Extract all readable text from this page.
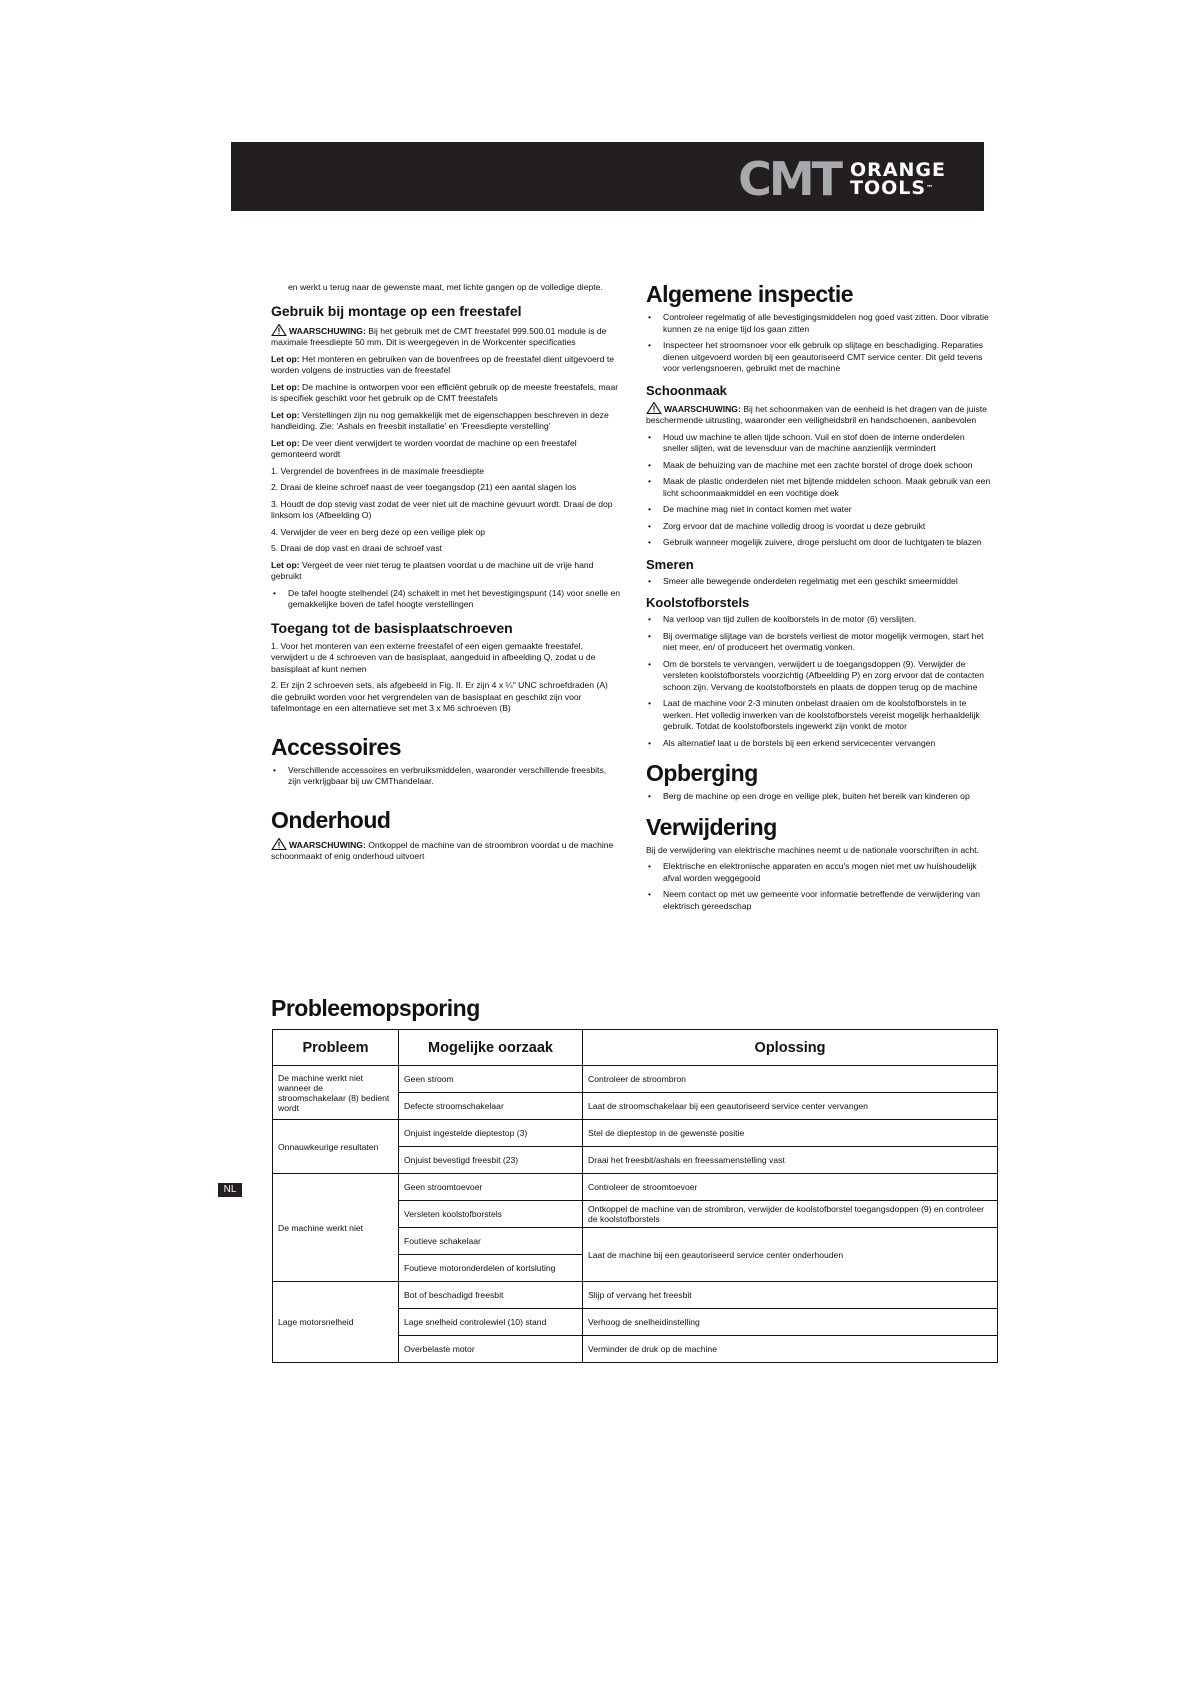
CMT ORANGE
TOOLS™

en werkt u terug naar de gewenste maat, met lichte gangen op de volledige diepte.

Gebruik bij montage op een freestafel

WAARSCHUWING: Bij het gebruik met de CMT freestafel 999.500.01 module is de maximale freesdiepte 50 mm. Dit is weergegeven in de Workcenter specificaties

Let op: Het monteren en gebruiken van de bovenfrees op de freestafel dient uitgevoerd te worden volgens de instructies van de freestafel

Let op: De machine is ontworpen voor een efficiënt gebruik op de meeste freestafels, maar is specifiek geschikt voor het gebruik op de CMT freestafels

Let op: Verstellingen zijn nu nog gemakkelijk met de eigenschappen beschreven in deze handleiding. Zie: 'Ashals en freesbit installatie' en 'Freesdiepte verstelling'

Let op: De veer dient verwijdert te worden voordat de machine op een freestafel gemonteerd wordt

1. Vergrendel de bovenfrees in de maximale freesdiepte

2. Draai de kleine schroef naast de veer toegangsdop (21) een aantal slagen los

3. Houdt de dop stevig vast zodat de veer niet uit de machine gevuurt wordt. Draai de dop linksom los (Afbeelding O)

4. Verwijder de veer en berg deze op een veilige plek op

5. Draai de dop vast en draai de schroef vast

Let op: Vergeet de veer niet terug te plaatsen voordat u de machine uit de vrije hand gebruikt

• De tafel hoogte stelhendel (24) schakelt in met het bevestigingspunt (14) voor snelle en gemakkelijke boven de tafel hoogte verstellingen
Toegang tot de basisplaatschroeven

1. Voor het monteren van een externe freestafel of een eigen gemaakte freestafel, verwijdert u de 4 schroeven van de basisplaat, aangeduid in afbeelding Q, zodat u de basisplaat af kunt nemen

2. Er zijn 2 schroeven sets, als afgebeeld in Fig. II. Er zijn 4 x ¼" UNC schroefdraden (A) die gebruikt worden voor het vergrendelen van de basisplaat en geschikt zijn voor tafelmontage en een alternatieve set met 3 x M6 schroeven (B)

Accessoires
• Verschillende accessoires en verbruiksmiddelen, waaronder verschillende freesbits, zijn verkrijgbaar bij uw CMThandelaar.
Onderhoud

WAARSCHUWING: Ontkoppel de machine van de stroombron voordat u de machine schoonmaakt of enig onderhoud uitvoert

Algemene inspectie
• Controleer regelmatig of alle bevestigingsmiddelen nog goed vast zitten. Door vibratie kunnen ze na enige tijd los gaan zitten
• Inspecteer het stroomsnoer voor elk gebruik op slijtage en beschadiging. Reparaties dienen uitgevoerd worden bij een geautoriseerd CMT service center. Dit geld tevens voor verlengsnoeren, gebruikt met de machine
Schoonmaak

WAARSCHUWING: Bij het schoonmaken van de eenheid is het dragen van de juiste beschermende uitrusting, waaronder een veiligheidsbril en handschoenen, aanbevolen

• Houd uw machine te allen tijde schoon. Vuil en stof doen de interne onderdelen sneller slijten, wat de levensduur van de machine aanzienlijk vermindert
• Maak de behuizing van de machine met een zachte borstel of droge doek schoon
• Maak de plastic onderdelen niet met bijtende middelen schoon. Maak gebruik van een licht schoonmaakmiddel en een vochtige doek
• De machine mag niet in contact komen met water
• Zorg ervoor dat de machine volledig droog is voordat u deze gebruikt
• Gebruik wanneer mogelijk zuivere, droge perslucht om door de luchtgaten te blazen
Smeren
• Smeer alle bewegende onderdelen regelmatig met een geschikt smeermiddel
Koolstofborstels
• Na verloop van tijd zullen de koolborstels in de motor (6) verslijten.
• Bij overmatige slijtage van de borstels verliest de motor mogelijk vermogen, start het niet meer, en/ of produceert het overmatig vonken.
• Om de borstels te vervangen, verwijdert u de toegangsdoppen (9). Verwijder de versleten koolstofborstels voorzichtig (Afbeelding P) en zorg ervoor dat de contacten schoon zijn. Vervang de koolstofborstels en plaats de doppen terug op de machine
• Laat de machine voor 2-3 minuten onbelast draaien om de koolstofborstels in te werken. Het volledig inwerken van de koolstofborstels vereist mogelijk herhaaldelijk gebruik. Totdat de koolstofborstels ingewerkt zijn vonkt de motor
• Als alternatief laat u de borstels bij een erkend servicecenter vervangen
Opberging
• Berg de machine op een droge en veilige plek, buiten het bereik van kinderen op
Verwijdering

Bij de verwijdering van elektrische machines neemt u de nationale voorschriften in acht.

• Elektrische en elektronische apparaten en accu's mogen niet met uw huishoudelijk afval worden weggegooid
• Neem contact op met uw gemeente voor informatie betreffende de verwijdering van elektrisch gereedschap
NL
Probleemopsporing
Probleem	Mogelijke oorzaak	Oplossing
De machine werkt niet wanneer de stroomschakelaar (8) bedient wordt	Geen stroom	Controleer de stroombron
	Defecte stroomschakelaar	Laat de stroomschakelaar bij een geautoriseerd service center vervangen
Onnauwkeurige resultaten	Onjuist ingestelde dieptestop (3)	Stel de dieptestop in de gewenste positie
	Onjuist bevestigd freesbit (23)	Draai het freesbit/ashals en freessamenstelling vast
De machine werkt niet	Geen stroomtoevoer	Controleer de stroomtoevoer
	Versleten koolstofborstels	Ontkoppel de machine van de strombron, verwijder de koolstofborstel toegangsdoppen (9) en controleer de koolstofborstels
	Foutieve schakelaar	Laat de machine bij een geautoriseerd service center onderhouden
	Foutieve motoronderdelen of kortsluting	
Lage motorsnelheid	Bot of beschadigd freesbit	Slijp of vervang het freesbit
	Lage snelheid controlewiel (10) stand	Verhoog de snelheidinstelling
	Overbelaste motor	Verminder de druk op de machine
